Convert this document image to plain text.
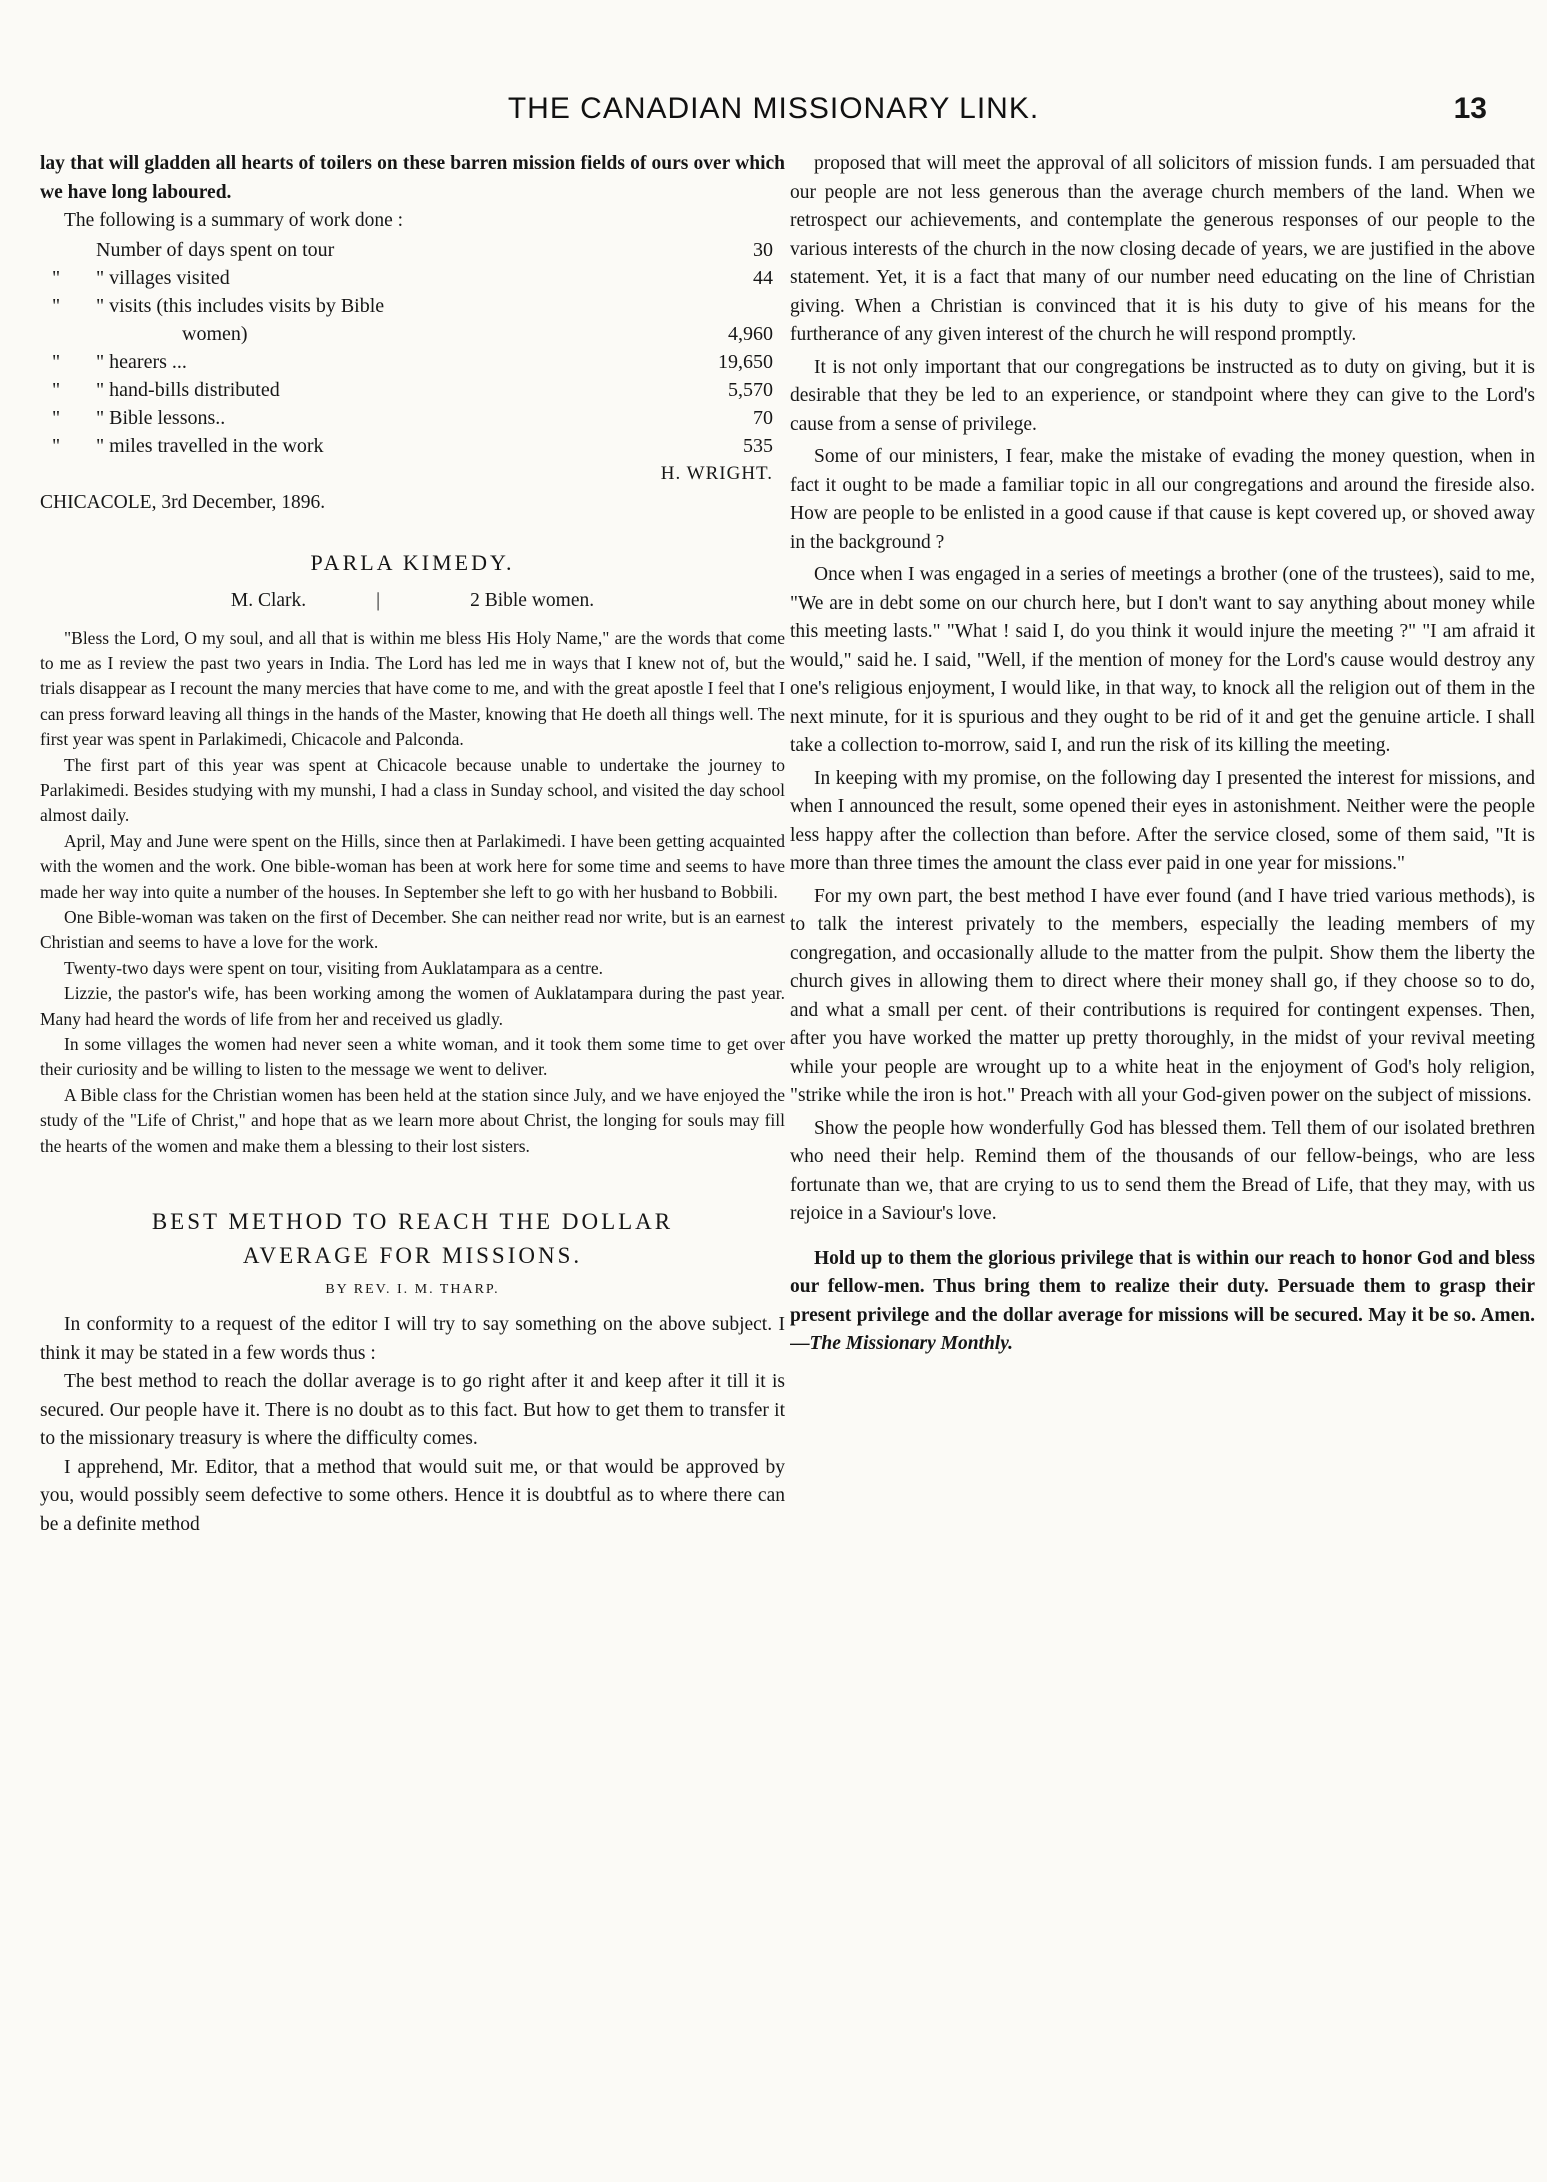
THE CANADIAN MISSIONARY LINK.	13

lay that will gladden all hearts of toilers on these barren mission fields of ours over which we have long laboured.

The following is a summary of work done :

Number of days spent on tour	30
"	" villages visited	44
"	" visits (this includes visits by Bible
women)	4,960
"	" hearers ...	19,650
"	" hand-bills distributed	5,570
"	" Bible lessons..	70
"	" miles travelled in the work	535
H. WRIGHT.
CHICACOLE, 3rd December, 1896.
PARLA KIMEDY.
M. Clark.	|	2 Bible women.

"Bless the Lord, O my soul, and all that is within me bless His Holy Name," are the words that come to me as I review the past two years in India. The Lord has led me in ways that I knew not of, but the trials disappear as I recount the many mercies that have come to me, and with the great apostle I feel that I can press forward leaving all things in the hands of the Master, knowing that He doeth all things well. The first year was spent in Parlakimedi, Chicacole and Palconda.

The first part of this year was spent at Chicacole because unable to undertake the journey to Parlakimedi. Besides studying with my munshi, I had a class in Sunday school, and visited the day school almost daily.

April, May and June were spent on the Hills, since then at Parlakimedi. I have been getting acquainted with the women and the work. One bible-woman has been at work here for some time and seems to have made her way into quite a number of the houses. In September she left to go with her husband to Bobbili.

One Bible-woman was taken on the first of December. She can neither read nor write, but is an earnest Christian and seems to have a love for the work.

Twenty-two days were spent on tour, visiting from Auklatampara as a centre.

Lizzie, the pastor's wife, has been working among the women of Auklatampara during the past year. Many had heard the words of life from her and received us gladly.

In some villages the women had never seen a white woman, and it took them some time to get over their curiosity and be willing to listen to the message we went to deliver.

A Bible class for the Christian women has been held at the station since July, and we have enjoyed the study of the "Life of Christ," and hope that as we learn more about Christ, the longing for souls may fill the hearts of the women and make them a blessing to their lost sisters.

BEST METHOD TO REACH THE DOLLAR
AVERAGE FOR MISSIONS.
BY REV. I. M. THARP.

In conformity to a request of the editor I will try to say something on the above subject. I think it may be stated in a few words thus :

The best method to reach the dollar average is to go right after it and keep after it till it is secured. Our people have it. There is no doubt as to this fact. But how to get them to transfer it to the missionary treasury is where the difficulty comes.

I apprehend, Mr. Editor, that a method that would suit me, or that would be approved by you, would possibly seem defective to some others. Hence it is doubtful as to where there can be a definite method

proposed that will meet the approval of all solicitors of mission funds. I am persuaded that our people are not less generous than the average church members of the land. When we retrospect our achievements, and contemplate the generous responses of our people to the various interests of the church in the now closing decade of years, we are justified in the above statement. Yet, it is a fact that many of our number need educating on the line of Christian giving. When a Christian is convinced that it is his duty to give of his means for the furtherance of any given interest of the church he will respond promptly.

It is not only important that our congregations be instructed as to duty on giving, but it is desirable that they be led to an experience, or standpoint where they can give to the Lord's cause from a sense of privilege.

Some of our ministers, I fear, make the mistake of evading the money question, when in fact it ought to be made a familiar topic in all our congregations and around the fireside also. How are people to be enlisted in a good cause if that cause is kept covered up, or shoved away in the background ?

Once when I was engaged in a series of meetings a brother (one of the trustees), said to me, "We are in debt some on our church here, but I don't want to say anything about money while this meeting lasts." "What ! said I, do you think it would injure the meeting ?" "I am afraid it would," said he. I said, "Well, if the mention of money for the Lord's cause would destroy any one's religious enjoyment, I would like, in that way, to knock all the religion out of them in the next minute, for it is spurious and they ought to be rid of it and get the genuine article. I shall take a collection to-morrow, said I, and run the risk of its killing the meeting.

In keeping with my promise, on the following day I presented the interest for missions, and when I announced the result, some opened their eyes in astonishment. Neither were the people less happy after the collection than before. After the service closed, some of them said, "It is more than three times the amount the class ever paid in one year for missions."

For my own part, the best method I have ever found (and I have tried various methods), is to talk the interest privately to the members, especially the leading members of my congregation, and occasionally allude to the matter from the pulpit. Show them the liberty the church gives in allowing them to direct where their money shall go, if they choose so to do, and what a small per cent. of their contributions is required for contingent expenses. Then, after you have worked the matter up pretty thoroughly, in the midst of your revival meeting while your people are wrought up to a white heat in the enjoyment of God's holy religion, "strike while the iron is hot." Preach with all your God-given power on the subject of missions.

Show the people how wonderfully God has blessed them. Tell them of our isolated brethren who need their help. Remind them of the thousands of our fellow-beings, who are less fortunate than we, that are crying to us to send them the Bread of Life, that they may, with us rejoice in a Saviour's love.

Hold up to them the glorious privilege that is within our reach to honor God and bless our fellow-men. Thus bring them to realize their duty. Persuade them to grasp their present privilege and the dollar average for missions will be secured. May it be so. Amen.—The Missionary Monthly.
